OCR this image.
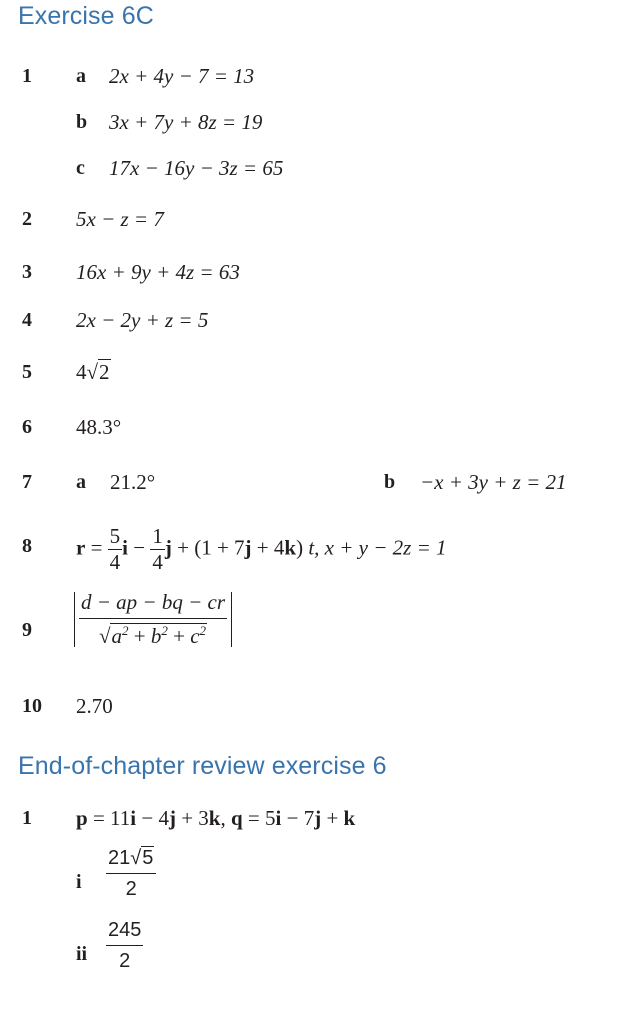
Exercise 6C
1 a 2x + 4y − 7 = 13
b 3x + 7y + 8z = 19
c 17x − 16y − 3z = 65
2 5x − z = 7
3 16x + 9y + 4z = 63
4 2x − 2y + z = 5
5 4√2
6 48.3°
7 a 21.2°	b −x + 3y + z = 21
8 $r = \frac{5}{4}$ $i - \frac{1}{4}$ j + (1 + 7j + 4k) t, x + y − 2z = 1
$9 \frac{d - ap - bq - cr}{√a^2 + b^2 + c^2}$
10 2.70
End-of-chapter review exercise 6
1 p = 11i − 4j + 3k, q = 5i − 7j + k
i $\frac{21√5}{2}$
ii $\frac{245}{2}$
